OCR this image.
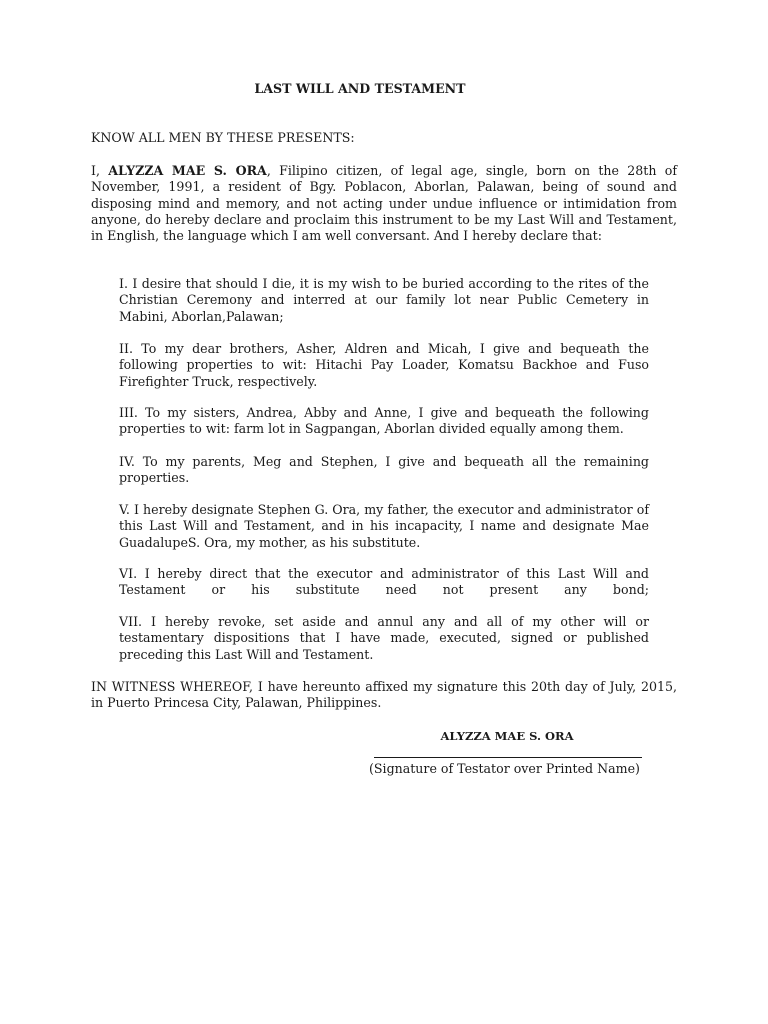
LAST WILL AND TESTAMENT

KNOW ALL MEN BY THESE PRESENTS:

I, ALYZZA MAE S. ORA, Filipino citizen, of legal age, single, born on the 28th of November, 1991, a resident of Bgy. Poblacon, Aborlan, Palawan, being of sound and disposing mind and memory, and not acting under undue influence or intimidation from anyone, do hereby declare and proclaim this instrument to be my Last Will and Testament, in English, the language which I am well conversant. And I hereby declare that:

I. I desire that should I die, it is my wish to be buried according to the rites of the Christian Ceremony and interred at our family lot near Public Cemetery in Mabini, Aborlan,Palawan;

II. To my dear brothers, Asher, Aldren and Micah, I give and bequeath the following properties to wit: Hitachi Pay Loader, Komatsu Backhoe and Fuso Firefighter Truck, respectively.

III. To my sisters, Andrea, Abby and Anne, I give and bequeath the following properties to wit: farm lot in Sagpangan, Aborlan divided equally among them.

IV. To my parents, Meg and Stephen, I give and bequeath all the remaining properties.

V. I hereby designate Stephen G. Ora, my father, the executor and administrator of this Last Will and Testament, and in his incapacity, I name and designate Mae GuadalupeS. Ora, my mother, as his substitute.

VI. I hereby direct that the executor and administrator of this Last Will and Testament or his substitute need not present any bond;

VII. I hereby revoke, set aside and annul any and all of my other will or testamentary dispositions that I have made, executed, signed or published preceding this Last Will and Testament.

IN WITNESS WHEREOF, I have hereunto affixed my signature this 20th day of July, 2015, in Puerto Princesa City, Palawan, Philippines.

ALYZZA MAE S. ORA
(Signature of Testator over Printed Name)
